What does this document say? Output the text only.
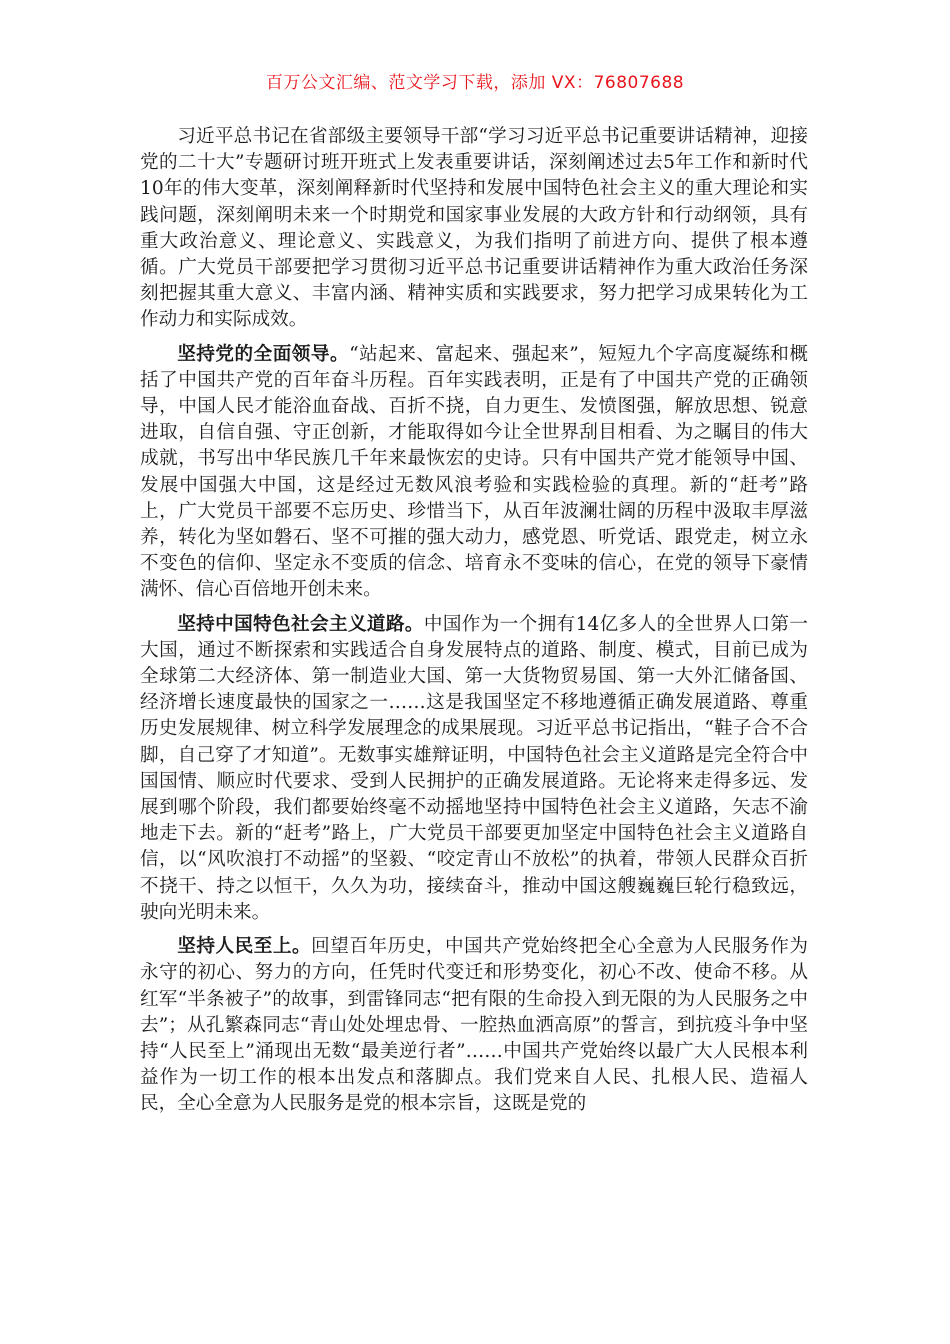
百万公文汇编、范文学习下载，添加 VX：76807688

习近平总书记在省部级主要领导干部“学习习近平总书记重要讲话精神，迎接党的二十大”专题研讨班开班式上发表重要讲话，深刻阐述过去5年工作和新时代10年的伟大变革，深刻阐释新时代坚持和发展中国特色社会主义的重大理论和实践问题，深刻阐明未来一个时期党和国家事业发展的大政方针和行动纲领，具有重大政治意义、理论意义、实践意义，为我们指明了前进方向、提供了根本遵循。广大党员干部要把学习贯彻习近平总书记重要讲话精神作为重大政治任务深刻把握其重大意义、丰富内涵、精神实质和实践要求，努力把学习成果转化为工作动力和实际成效。

坚持党的全面领导。“站起来、富起来、强起来”，短短九个字高度凝练和概括了中国共产党的百年奋斗历程。百年实践表明，正是有了中国共产党的正确领导，中国人民才能浴血奋战、百折不挠，自力更生、发愤图强，解放思想、锐意进取，自信自强、守正创新，才能取得如今让全世界刮目相看、为之瞩目的伟大成就，书写出中华民族几千年来最恢宏的史诗。只有中国共产党才能领导中国、发展中国强大中国，这是经过无数风浪考验和实践检验的真理。新的“赶考”路上，广大党员干部要不忘历史、珍惜当下，从百年波澜壮阔的历程中汲取丰厚滋养，转化为坚如磐石、坚不可摧的强大动力，感党恩、听党话、跟党走，树立永不变色的信仰、坚定永不变质的信念、培育永不变味的信心，在党的领导下豪情满怀、信心百倍地开创未来。

坚持中国特色社会主义道路。中国作为一个拥有14亿多人的全世界人口第一大国，通过不断探索和实践适合自身发展特点的道路、制度、模式，目前已成为全球第二大经济体、第一制造业大国、第一大货物贸易国、第一大外汇储备国、经济增长速度最快的国家之一……这是我国坚定不移地遵循正确发展道路、尊重历史发展规律、树立科学发展理念的成果展现。习近平总书记指出，“鞋子合不合脚，自己穿了才知道”。无数事实雄辩证明，中国特色社会主义道路是完全符合中国国情、顺应时代要求、受到人民拥护的正确发展道路。无论将来走得多远、发展到哪个阶段，我们都要始终毫不动摇地坚持中国特色社会主义道路，矢志不渝地走下去。新的“赶考”路上，广大党员干部要更加坚定中国特色社会主义道路自信，以“风吹浪打不动摇”的坚毅、“咬定青山不放松”的执着，带领人民群众百折不挠干、持之以恒干，久久为功，接续奋斗，推动中国这艘巍巍巨轮行稳致远，驶向光明未来。

坚持人民至上。回望百年历史，中国共产党始终把全心全意为人民服务作为永守的初心、努力的方向，任凭时代变迁和形势变化，初心不改、使命不移。从红军“半条被子”的故事，到雷锋同志“把有限的生命投入到无限的为人民服务之中去”；从孔繁森同志“青山处处埋忠骨、一腔热血洒高原”的誓言，到抗疫斗争中坚持“人民至上”涌现出无数“最美逆行者”……中国共产党始终以最广大人民根本利益作为一切工作的根本出发点和落脚点。我们党来自人民、扎根人民、造福人民，全心全意为人民服务是党的根本宗旨，这既是党的
